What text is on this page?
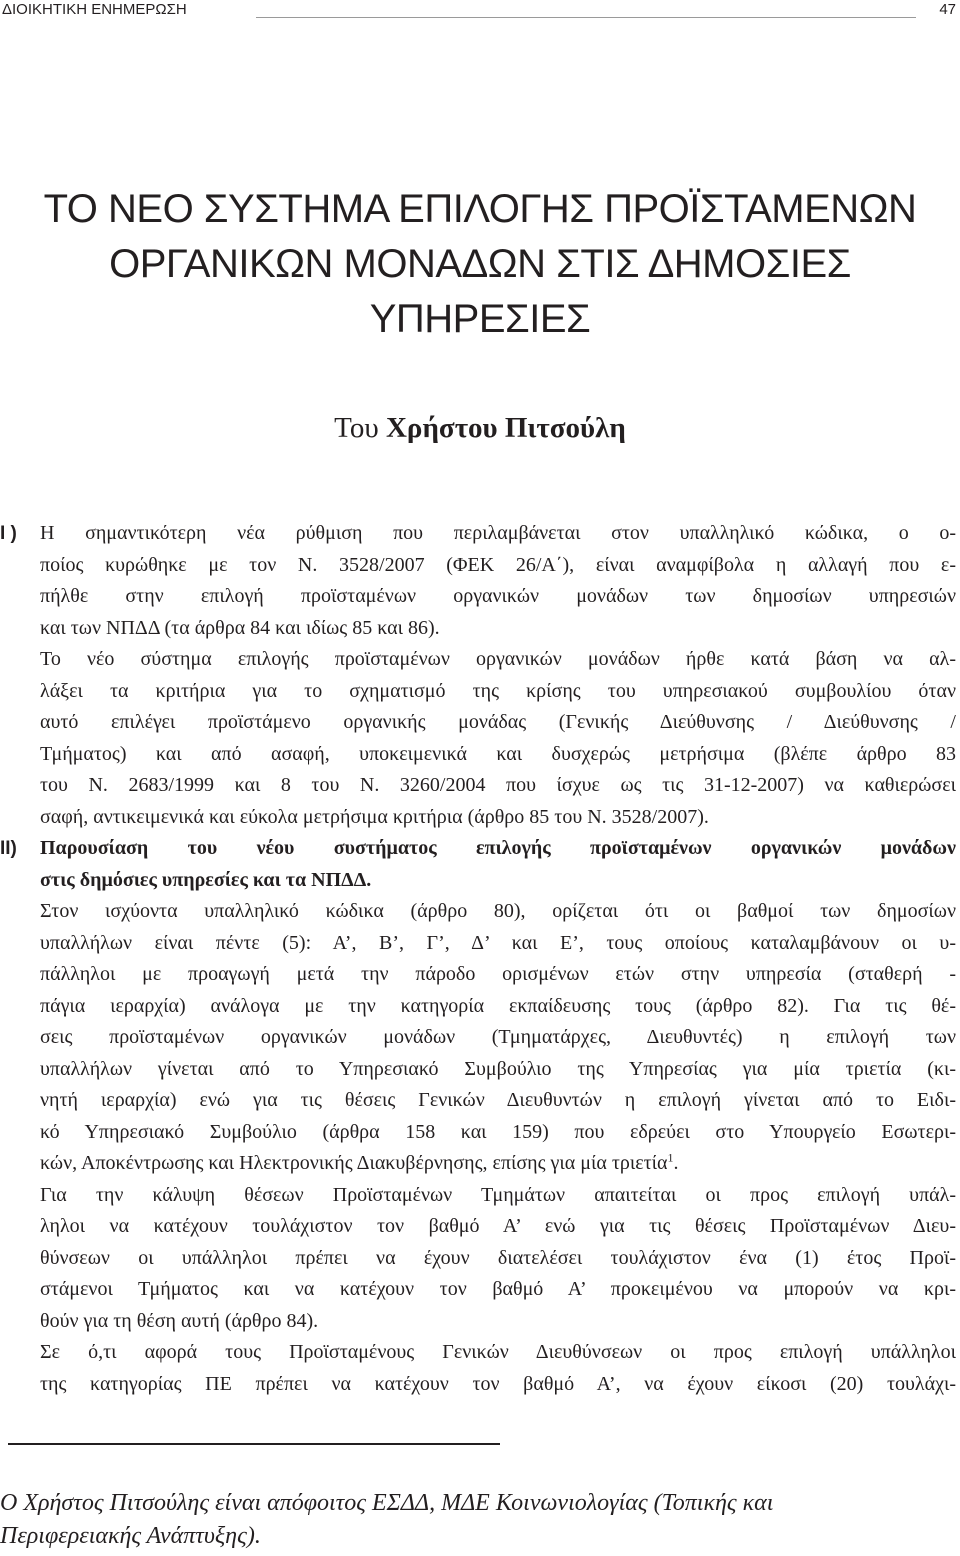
ΔΙΟΙΚΗΤΙΚΗ ΕΝΗΜΕΡΩΣΗ	47
ΤΟ ΝΕΟ ΣΥΣΤΗΜΑ ΕΠΙΛΟΓΗΣ ΠΡΟΪΣΤΑΜΕΝΩΝ
ΟΡΓΑΝΙΚΩΝ ΜΟΝΑΔΩΝ ΣΤΙΣ ΔΗΜΟΣΙΕΣ
ΥΠΗΡΕΣΙΕΣ
Του Χρήστου Πιτσούλη
Ι ) Η σημαντικότερη νέα ρύθμιση που περιλαμβάνεται στον υπαλληλικό κώδικα, ο ο-
ποίος κυρώθηκε με τον Ν. 3528/2007 (ΦΕΚ 26/Α΄), είναι αναμφίβολα η αλλαγή που ε-
πήλθε στην επιλογή προϊσταμένων οργανικών μονάδων των δημοσίων υπηρεσιών
και των ΝΠΔΔ (τα άρθρα 84 και ιδίως 85 και 86).
Το νέο σύστημα επιλογής προϊσταμένων οργανικών μονάδων ήρθε κατά βάση να αλ-
λάξει τα κριτήρια για το σχηματισμό της κρίσης του υπηρεσιακού συμβουλίου όταν
αυτό επιλέγει προϊστάμενο οργανικής μονάδας (Γενικής Διεύθυνσης / Διεύθυνσης /
Τμήματος) και από ασαφή, υποκειμενικά και δυσχερώς μετρήσιμα (βλέπε άρθρο 83
του Ν. 2683/1999 και 8 του Ν. 3260/2004 που ίσχυε ως τις 31-12-2007) να καθιερώσει
σαφή, αντικειμενικά και εύκολα μετρήσιμα κριτήρια (άρθρο 85 του Ν. 3528/2007).
ΙΙ) Παρουσίαση του νέου συστήματος επιλογής προϊσταμένων οργανικών μονάδων
στις δημόσιες υπηρεσίες και τα ΝΠΔΔ.
Στον ισχύοντα υπαλληλικό κώδικα (άρθρο 80), ορίζεται ότι οι βαθμοί των δημοσίων
υπαλλήλων είναι πέντε (5): Α’, Β’, Γ’, Δ’ και Ε’, τους οποίους καταλαμβάνουν οι υ-
πάλληλοι με προαγωγή μετά την πάροδο ορισμένων ετών στην υπηρεσία (σταθερή -
πάγια ιεραρχία) ανάλογα με την κατηγορία εκπαίδευσης τους (άρθρο 82). Για τις θέ-
σεις προϊσταμένων οργανικών μονάδων (Τμηματάρχες, Διευθυντές) η επιλογή των
υπαλλήλων γίνεται από το Υπηρεσιακό Συμβούλιο της Υπηρεσίας για μία τριετία (κι-
νητή ιεραρχία) ενώ για τις θέσεις Γενικών Διευθυντών η επιλογή γίνεται από το Ειδι-
κό Υπηρεσιακό Συμβούλιο (άρθρα 158 και 159) που εδρεύει στο Υπουργείο Εσωτερι-
κών, Αποκέντρωσης και Ηλεκτρονικής Διακυβέρνησης, επίσης για μία τριετία$^1$.
Για την κάλυψη θέσεων Προϊσταμένων Τμημάτων απαιτείται οι προς επιλογή υπάλ-
ληλοι να κατέχουν τουλάχιστον τον βαθμό Α’ ενώ για τις θέσεις Προϊσταμένων Διευ-
θύνσεων οι υπάλληλοι πρέπει να έχουν διατελέσει τουλάχιστον ένα (1) έτος Προϊ-
στάμενοι Τμήματος και να κατέχουν τον βαθμό Α’ προκειμένου να μπορούν να κρι-
θούν για τη θέση αυτή (άρθρο 84).
Σε ό,τι αφορά τους Προϊσταμένους Γενικών Διευθύνσεων οι προς επιλογή υπάλληλοι
της κατηγορίας ΠΕ πρέπει να κατέχουν τον βαθμό Α’, να έχουν είκοσι (20) τουλάχι-
Ο Χρήστος Πιτσούλης είναι απόφοιτος ΕΣΔΔ, ΜΔΕ Κοινωνιολογίας (Τοπικής και
Περιφερειακής Ανάπτυξης).
